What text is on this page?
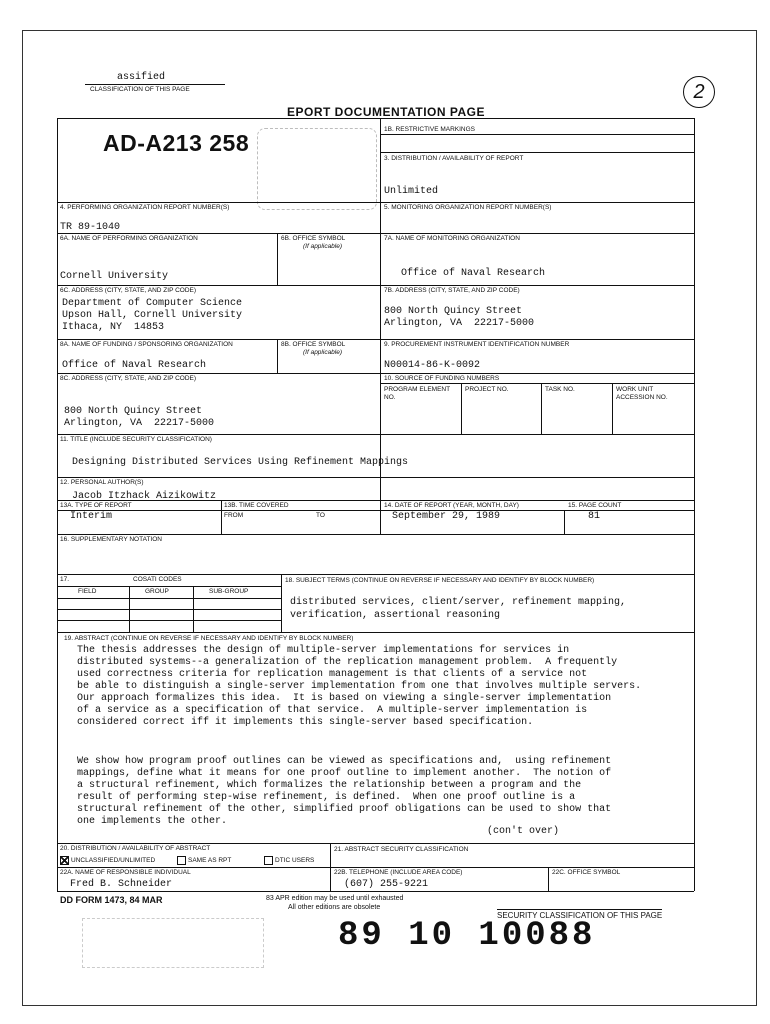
assified
CLASSIFICATION OF THIS PAGE	2
EPORT DOCUMENTATION PAGE
AD-A213 258
1B. RESTRICTIVE MARKINGS
3. DISTRIBUTION / AVAILABILITY OF REPORT
Unlimited
4. PERFORMING ORGANIZATION REPORT NUMBER(S)
TR 89-1040
5. MONITORING ORGANIZATION REPORT NUMBER(S)
6A. NAME OF PERFORMING ORGANIZATION
Cornell University
6B. OFFICE SYMBOL
(If applicable)
7A. NAME OF MONITORING ORGANIZATION
Office of Naval Research
6C. ADDRESS (CITY, STATE, AND ZIP CODE)
Department of Computer Science
Upson Hall, Cornell University
Ithaca, NY  14853
7B. ADDRESS (CITY, STATE, AND ZIP CODE)
800 North Quincy Street
Arlington, VA  22217-5000
8A. NAME OF FUNDING / SPONSORING ORGANIZATION
Office of Naval Research
8B. OFFICE SYMBOL
(If applicable)
9. PROCUREMENT INSTRUMENT IDENTIFICATION NUMBER
N00014-86-K-0092
8C. ADDRESS (CITY, STATE, AND ZIP CODE)
800 North Quincy Street
Arlington, VA  22217-5000
10. SOURCE OF FUNDING NUMBERS
PROGRAM ELEMENT NO.
PROJECT NO.	TASK NO.	WORK UNIT ACCESSION NO.
11. TITLE (INCLUDE SECURITY CLASSIFICATION)
Designing Distributed Services Using Refinement Mappings
12. PERSONAL AUTHOR(S)
Jacob Itzhack Aizikowitz
13A. TYPE OF REPORT
Interim
13B. TIME COVERED
FROM	TO
14. DATE OF REPORT (YEAR, MONTH, DAY)
September 29, 1989
15. PAGE COUNT
81
16. SUPPLEMENTARY NOTATION
17.	COSATI CODES
FIELD	GROUP	SUB-GROUP
18. SUBJECT TERMS (CONTINUE ON REVERSE IF NECESSARY AND IDENTIFY BY BLOCK NUMBER)
distributed services, client/server, refinement mapping,
verification, assertional reasoning
19. ABSTRACT (CONTINUE ON REVERSE IF NECESSARY AND IDENTIFY BY BLOCK NUMBER)
The thesis addresses the design of multiple-server implementations for services in
distributed systems--a generalization of the replication management problem.  A frequently
used correctness criteria for replication management is that clients of a service not
be able to distinguish a single-server implementation from one that involves multiple servers.
Our approach formalizes this idea.  It is based on viewing a single-server implementation
of a service as a specification of that service.  A multiple-server implementation is
considered correct iff it implements this single-server based specification.
We show how program proof outlines can be viewed as specifications and,  using refinement
mappings, define what it means for one proof outline to implement another.  The notion of
a structural refinement, which formalizes the relationship between a program and the
result of performing step-wise refinement, is defined.  When one proof outline is a
structural refinement of the other, simplified proof obligations can be used to show that
one implements the other.
(con't over)
20. DISTRIBUTION / AVAILABILITY OF ABSTRACT
UNCLASSIFIED/UNLIMITED	SAME AS RPT	DTIC USERS
21. ABSTRACT SECURITY CLASSIFICATION
22A. NAME OF RESPONSIBLE INDIVIDUAL
Fred B. Schneider
22B. TELEPHONE (INCLUDE AREA CODE)
(607) 255-9221
22C. OFFICE SYMBOL
DD FORM 1473, 84 MAR	83 APR edition may be used until exhausted
All other editions are obsolete
SECURITY CLASSIFICATION OF THIS PAGE
89 10 10088
